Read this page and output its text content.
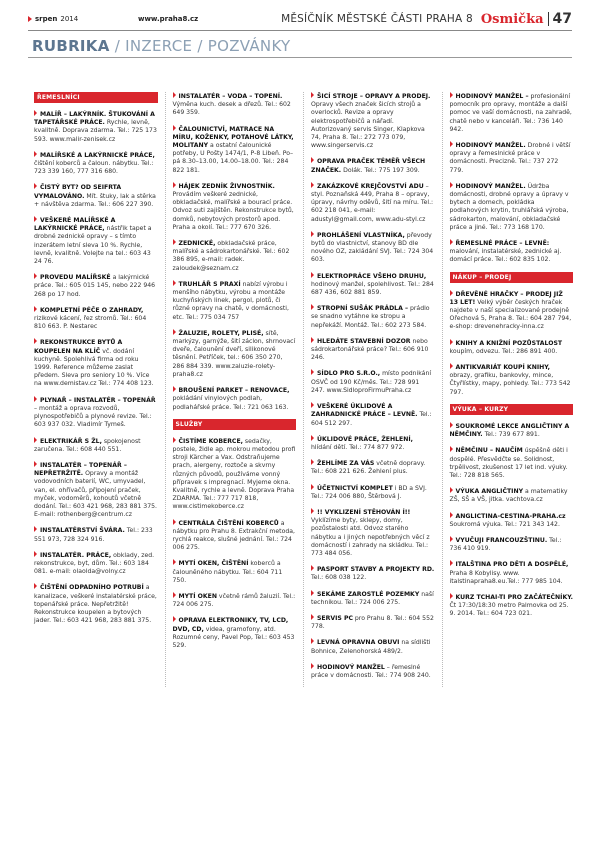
srpen 2014	www.praha8.cz	MĚSÍČNÍK MĚSTSKÉ ČÁSTI PRAHA 8 Osmička 47
RUBRIKA / INZERCE / POZVÁNKY
ŘEMESLNÍCI
MALÍŘ – LAKÝRNÍK. ŠTUKOVÁNÍ A TAPETÁŘSKÉ PRÁCE. Rychle, levně, kvalitně. Doprava zdarma. Tel.: 725 173 593. www.malir-zenisek.cz
MALÍŘSKÉ A LAKÝRNICKÉ PRÁCE, čištění koberců a čaloun. nábytku. Tel.: 723 339 160, 777 316 680.
ČISTÝ BYT? OD SEIFRTA VYMALOVÁNO. Mít. štuky, lak a stěrka + návštěva zdarma. Tel.: 606 227 390.
VEŠKERÉ MALÍŘSKÉ A LAKÝRNICKÉ PRÁCE, nástřik tapet a drobné zednické opravy – s tímto inzerátem letní sleva 10 %. Rychle, levně, kvalitně. Volejte na tel.: 603 43 24 76.
PROVEDU MALÍŘSKÉ a lakýrnické práce. Tel.: 605 015 145, nebo 222 946 268 po 17 hod.
KOMPLETNÍ PÉČE O ZAHRADY, rizikové kácení, řez stromů. Tel.: 604 810 663. P. Nestarec
REKONSTRUKCE BYTŮ A KOUPELEN NA KLÍČ vč. dodání kuchyně. Spolehlivá firma od roku 1999. Reference můžeme zaslat předem. Sleva pro seniory 10 %. Více na www.demistav.cz Tel.: 774 408 123.
PLYNAŘ – INSTALATÉR – TOPENÁŘ – montáž a oprava rozvodů, plynospotřebičů a plynové revize. Tel.: 603 937 032. Vladimír Tymeš.
ELEKTRIKÁŘ S ŽL, spokojenost zaručena. Tel.: 608 440 551.
INSTALATÉR – TOPENÁŘ – NEPŘETRŽITĚ. Opravy a montáž vodovodních baterií, WC, umyvadel, van, el. ohřívačů, připojení praček, myček, vodoměrů, kohoutů včetně dodání. Tel.: 603 421 968, 283 881 375. E-mail: rothenberg@centrum.cz
INSTALATÉRSTVÍ ŠVÁRA. Tel.: 233 551 973, 728 324 916.
INSTALATÉR. PRÁCE, obklady, zed. rekonstrukce, byt, dům. Tel.: 603 184 081. e-mail: olaolda@volny.cz
ČIŠTĚNÍ ODPADNÍHO POTRUBÍ a kanalizace, veškeré instalatérské práce, topenářské práce. Nepřetržitě! Rekonstrukce koupelen a bytových jader. Tel.: 603 421 968, 283 881 375.
INSTALATÉR – VODA – TOPENÍ. Výměna kuch. desek a dřezů. Tel.: 602 649 359.
ČALOUNICTVÍ, MATRACE NA MÍRU, KOŽENKY, POTAHOVÉ LÁTKY, MOLITANY a ostatní čalounické potřeby, U Pošty 1474/1, P-8 Libeň. Po–pá 8.30–13.00, 14.00–18.00. Tel.: 284 822 181.
HÁJEK ZEDNÍK ŽIVNOSTNÍK. Provádím veškeré zednické, obkladačské, malířské a bourací práce. Odvoz suti zajištěn. Rekonstrukce bytů, domků, nebytových prostorů apod. Praha a okolí. Tel.: 777 670 326.
ZEDNICKÉ, obkladačské práce, malířské a sádrokartonářské. Tel.: 602 386 895, e-mail: radek. zaloudek@seznam.cz
TRUHLÁŘ S PRAXÍ nabízí výrobu i menšího nábytku, výrobu a montáže kuchyňských linek, pergol, plotů, či různé opravy na chatě, v domácnosti, etc. Tel.: 775 034 757
ŽALUZIE, ROLETY, PLISÉ, sítě, markýzy, garnýže, šití záclon, shrnovací dveře, čalounění dveří, silikonové těsnění. Petříček, tel.: 606 350 270, 286 884 339. www.zaluzie-rolety-praha8.cz
BROUŠENÍ PARKET – RENOVACE, pokládání vinylových podlah, podlahářské práce. Tel.: 721 063 163.
SLUŽBY
ČISTÍME KOBERCE, sedačky, postele, židle ap. mokrou metodou profi stroji Kärcher a Vax. Odstraňujeme prach, alergeny, roztoče a skvrny různých původů, používáme vonný přípravek s impregnací. Myjeme okna. Kvalitně, rychle a levně. Doprava Praha ZDARMA. Tel.: 777 717 818, www.cistimekoberce.cz
CENTRÁLA ČIŠTĚNÍ KOBERCŮ a nábytku pro Prahu 8. Extrakční metoda, rychlá reakce, slušné jednání. Tel.: 724 006 275.
MYTÍ OKEN, ČIŠTĚNÍ koberců a čalouněného nábytku. Tel.: 604 711 750.
MYTÍ OKEN včetně rámů žaluzií. Tel.: 724 006 275.
OPRAVA ELEKTRONIKY, TV, LCD, DVD, CD, videa, gramofony, atd. Rozumné ceny, Pavel Pop, Tel.: 603 453 529.
ŠICÍ STROJE – OPRAVY A PRODEJ. Opravy všech značek šicích strojů a overlocků. Revize a opravy elektrospotřebičů a nářadí. Autorizovaný servis Singer, Klapkova 74, Praha 8. Tel.: 272 773 079, www.singerservis.cz
OPRAVA PRAČEK TÉMĚŘ VŠECH ZNAČEK. Dolák. Tel.: 775 197 309.
ZAKÁZKOVÉ KREJČOVSTVÍ ADU – styl. Poznaňská 449, Praha 8 – opravy, úpravy, návrhy oděvů, šití na míru. Tel.: 602 218 041, e-mail: adustyl@gmail.com, www.adu-styl.cz
PROHLÁŠENÍ VLASTNÍKA, převody bytů do vlastnictví, stanovy BD dle nového OZ, zakládání SVJ. Tel.: 724 304 603.
ELEKTROPRÁCE VŠEHO DRUHU, hodinový manžel, spolehlivost. Tel.: 284 687 436, 602 881 859.
STROPNÍ SUŠÁK PRÁDLA – prádlo se snadno vytáhne ke stropu a nepřekáží. Montáž. Tel.: 602 273 584.
HLEDÁTE STAVEBNÍ DOZOR nebo sádrokartonářské práce? Tel.: 606 910 246.
SÍDLO PRO S.R.O., místo podnikání OSVČ od 190 Kč/měs. Tel.: 728 991 247. www.SidloproFirmuPraha.cz
VEŠKERÉ ÚKLIDOVÉ A ZAHRADNICKÉ PRÁCE – LEVNĚ. Tel.: 604 512 297.
ÚKLIDOVÉ PRÁCE, ŽEHLENÍ, hlídání dětí. Tel.: 774 877 972.
ŽEHLÍME ZA VÁS včetně dopravy. Tel.: 608 221 626. Žehlení plus.
ÚČETNICTVÍ KOMPLET i BD a SVJ. Tel.: 724 006 880, Štěrbová J.
!! VYKLIZENÍ STĚHOVÁN Í!! Vyklízíme byty, sklepy, domy, pozůstalosti atd. Odvoz starého nábytku a i jiných nepotřebných věcí z domácností i zahrady na skládku. Tel.: 773 484 056.
PASPORT STAVBY A PROJEKTY RD. Tel.: 608 038 122.
SEKÁME ZAROSTLÉ POZEMKY naší technikou. Tel.: 724 006 275.
SERVIS PC pro Prahu 8. Tel.: 604 552 778.
LEVNÁ OPRAVNA OBUVI na sídlišti Bohnice, Zelenohorská 489/2.
HODINOVÝ MANŽEL – řemeslné práce v domácnosti. Tel.: 774 908 240.
HODINOVÝ MANŽEL – profesionální pomocník pro opravy, montáže a další pomoc ve vaší domácnosti, na zahradě, chatě nebo v kanceláři. Tel.: 736 140 942.
HODINOVÝ MANŽEL. Drobné i větší opravy a řemeslnické práce v domácnosti. Precizně. Tel.: 737 272 779.
HODINOVÝ MANŽEL. Údržba domácnosti, drobné opravy a úpravy v bytech a domech, pokládka podlahových krytin, truhlářská výroba, sádrokarton, malování, obkladačské práce a jiné. Tel.: 773 168 170.
ŘEMESLNÉ PRÁCE – LEVNĚ: malování, instalatérské, zednické aj. domácí práce. Tel.: 602 835 102.
NÁKUP – PRODEJ
DŘEVĚNÉ HRAČKY – PRODEJ JIŽ 13 LET! Velký výběr českých hraček najdete v naší specializované prodejně Ořechová 5, Praha 8. Tel.: 604 287 794, e-shop: drevenehracky-inna.cz
KNIHY A KNIŽNÍ POZŮSTALOST koupím, odvezu. Tel.: 286 891 400.
ANTIKVARIÁT KOUPÍ KNIHY, obrazy, grafiku, bankovky, mince, Čtyřlístky, mapy, pohledy. Tel.: 773 542 797.
VÝUKA – KURZY
SOUKROMÉ LEKCE ANGLIČTINY A NĚMČINY. Tel.: 739 677 891.
NĚMČINU – NAUČÍM úspěšně děti i dospělé. Přesvědčte se. Solidnost, trpělivost, zkušenost 17 let ind. výuky. Tel.: 728 818 565.
VÝUKA ANGLIČTINY a matematiky ZŠ, SŠ a VŠ, jitka. vachtova.cz
ANGLICTINA-CESTINA-PRAHA.cz Soukromá výuka. Tel.: 721 343 142.
VYUČUJI FRANCOUZŠTINU. Tel.: 736 410 919.
ITALŠTINA PRO DĚTI A DOSPĚLÉ, Praha 8 Kobylisy. www. italstinapraha8.eu.Tel.: 777 985 104.
KURZ TCHAI-TI PRO ZAČÁTEČNÍKY. Čt 17:30/18:30 metro Palmovka od 25. 9. 2014. Tel.: 604 723 021.
